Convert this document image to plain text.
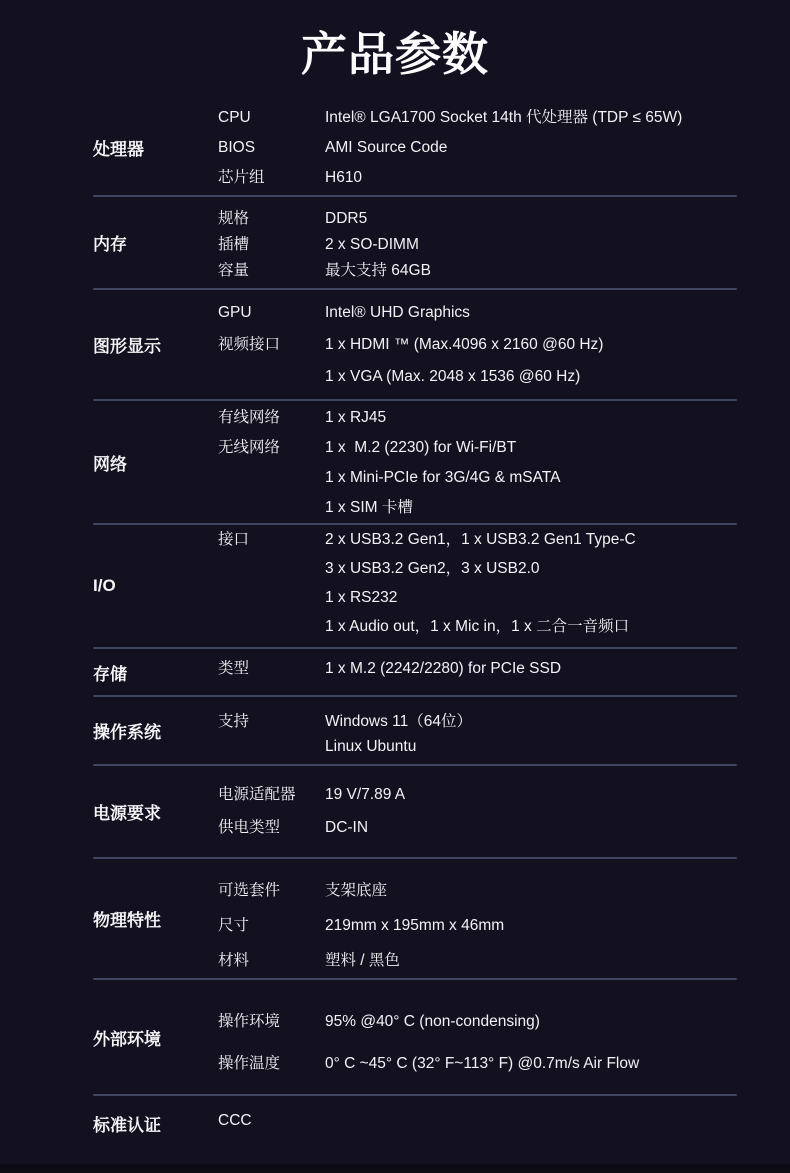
产品参数
处理器
CPU	Intel® LGA1700 Socket 14th 代处理器 (TDP ≤ 65W)
BIOS	AMI Source Code
芯片组	H610
内存
规格	DDR5
插槽	2 x SO-DIMM
容量	最大支持 64GB
图形显示
GPU	Intel® UHD Graphics
视频接口	1 x HDMI ™ (Max.4096 x 2160 @60 Hz)
1 x VGA (Max. 2048 x 1536 @60 Hz)
网络
有线网络	1 x RJ45
无线网络	1 x  M.2 (2230) for Wi-Fi/BT
1 x Mini-PCIe for 3G/4G & mSATA
1 x SIM 卡槽
I/O
接口	2 x USB3.2 Gen1，1 x USB3.2 Gen1 Type-C
3 x USB3.2 Gen2，3 x USB2.0
1 x RS232
1 x Audio out，1 x Mic in，1 x 二合一音频口
存储	类型	1 x M.2 (2242/2280) for PCIe SSD
操作系统
支持	Windows 11（64位）
Linux Ubuntu
电源要求
电源适配器	19 V/7.89 A
供电类型	DC-IN
物理特性
可选套件	支架底座
尺寸	219mm x 195mm x 46mm
材料	塑料 / 黑色
外部环境
操作环境	95% @40° C (non-condensing)
操作温度	0° C ~45° C (32° F~113° F) @0.7m/s Air Flow
标准认证	CCC
